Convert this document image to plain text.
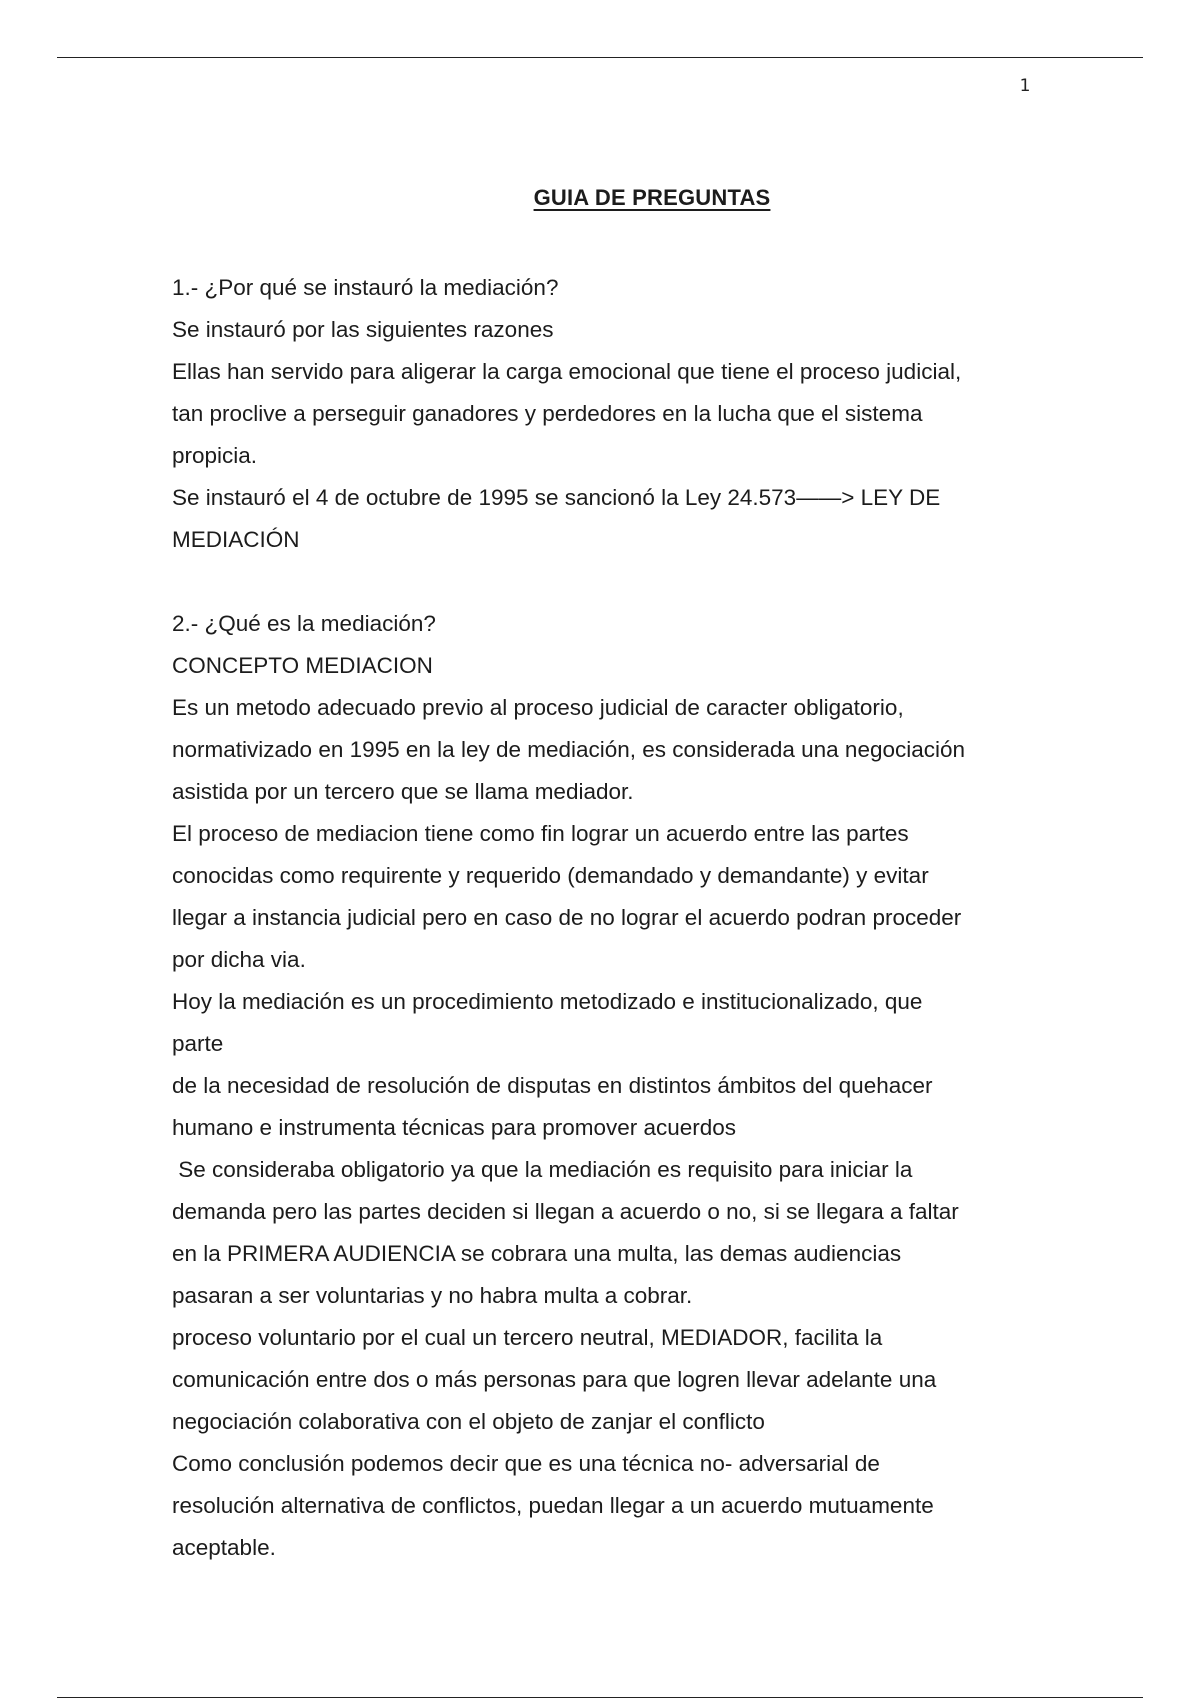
1
GUIA DE PREGUNTAS
1.- ¿Por qué se instauró la mediación?
Se instauró por las siguientes razones
Ellas han servido para aligerar la carga emocional que tiene el proceso judicial,
tan proclive a perseguir ganadores y perdedores en la lucha que el sistema
propicia.
Se instauró el 4 de octubre de 1995 se sancionó la Ley 24.573——> LEY DE
MEDIACIÓN
2.- ¿Qué es la mediación?
CONCEPTO MEDIACION
Es un metodo adecuado previo al proceso judicial de caracter obligatorio,
normativizado en 1995 en la ley de mediación, es considerada una negociación
asistida por un tercero que se llama mediador.
El proceso de mediacion tiene como fin lograr un acuerdo entre las partes
conocidas como requirente y requerido (demandado y demandante) y evitar
llegar a instancia judicial pero en caso de no lograr el acuerdo podran proceder
por dicha via.
Hoy la mediación es un procedimiento metodizado e institucionalizado, que
parte
de la necesidad de resolución de disputas en distintos ámbitos del quehacer
humano e instrumenta técnicas para promover acuerdos
Se consideraba obligatorio ya que la mediación es requisito para iniciar la
demanda pero las partes deciden si llegan a acuerdo o no, si se llegara a faltar
en la PRIMERA AUDIENCIA se cobrara una multa, las demas audiencias
pasaran a ser voluntarias y no habra multa a cobrar.
proceso voluntario por el cual un tercero neutral, MEDIADOR, facilita la
comunicación entre dos o más personas para que logren llevar adelante una
negociación colaborativa con el objeto de zanjar el conflicto
Como conclusión podemos decir que es una técnica no- adversarial de
resolución alternativa de conflictos, puedan llegar a un acuerdo mutuamente
aceptable.
